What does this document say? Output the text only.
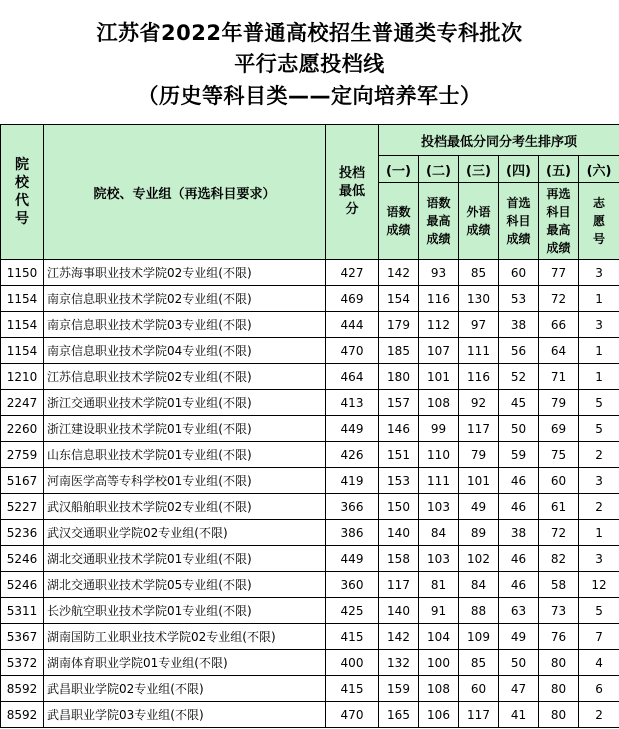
江苏省2022年普通高校招生普通类专科批次
平行志愿投档线
（历史等科目类——定向培养军士）
院校代号	院校、专业组（再选科目要求）	投档最低分	投档最低分同分考生排序项					
			(一)	(二)	(三)	(四)	(五)	(六)
			语数成绩	语数最高成绩	外语成绩	首选科目成绩	再选科目最高成绩	志愿号
1150	江苏海事职业技术学院02专业组(不限)	427	142	93	85	60	77	3
1154	南京信息职业技术学院02专业组(不限)	469	154	116	130	53	72	1
1154	南京信息职业技术学院03专业组(不限)	444	179	112	97	38	66	3
1154	南京信息职业技术学院04专业组(不限)	470	185	107	111	56	64	1
1210	江苏信息职业技术学院02专业组(不限)	464	180	101	116	52	71	1
2247	浙江交通职业技术学院01专业组(不限)	413	157	108	92	45	79	5
2260	浙江建设职业技术学院01专业组(不限)	449	146	99	117	50	69	5
2759	山东信息职业技术学院01专业组(不限)	426	151	110	79	59	75	2
5167	河南医学高等专科学校01专业组(不限)	419	153	111	101	46	60	3
5227	武汉船舶职业技术学院02专业组(不限)	366	150	103	49	46	61	2
5236	武汉交通职业学院02专业组(不限)	386	140	84	89	38	72	1
5246	湖北交通职业技术学院01专业组(不限)	449	158	103	102	46	82	3
5246	湖北交通职业技术学院05专业组(不限)	360	117	81	84	46	58	12
5311	长沙航空职业技术学院01专业组(不限)	425	140	91	88	63	73	5
5367	湖南国防工业职业技术学院02专业组(不限)	415	142	104	109	49	76	7
5372	湖南体育职业学院01专业组(不限)	400	132	100	85	50	80	4
8592	武昌职业学院02专业组(不限)	415	159	108	60	47	80	6
8592	武昌职业学院03专业组(不限)	470	165	106	117	41	80	2
